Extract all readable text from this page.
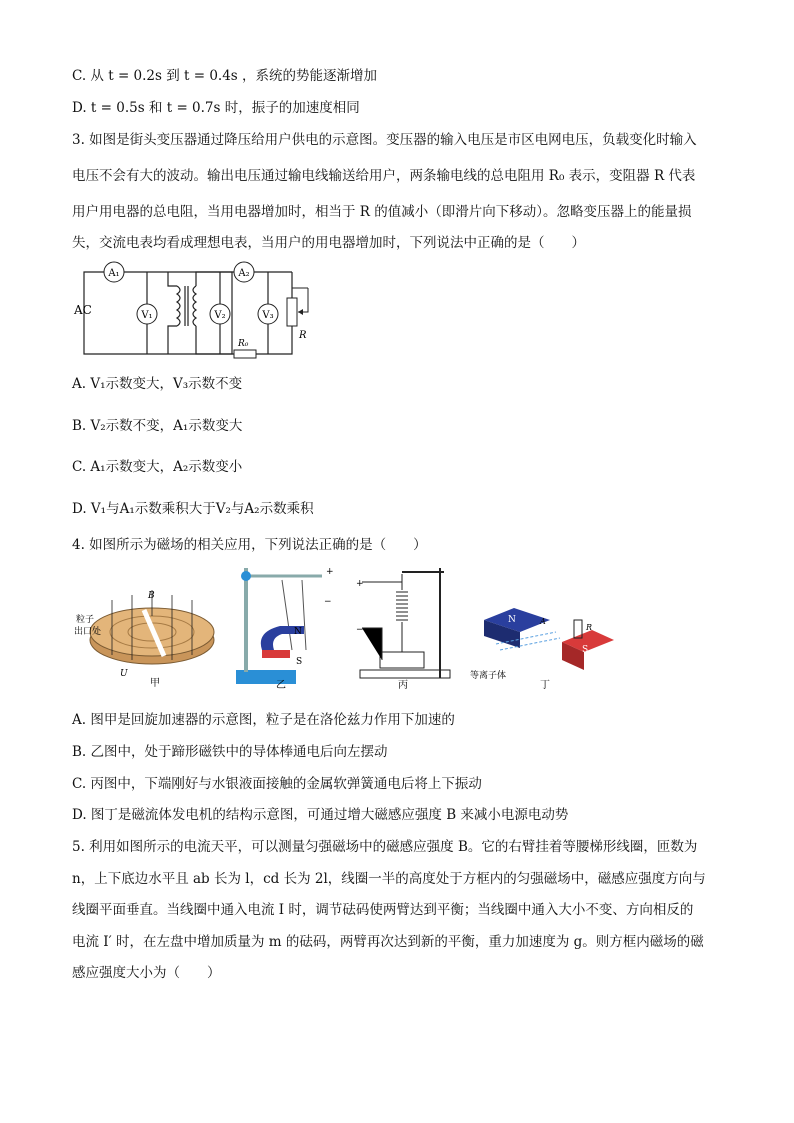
C. 从 t = 0.2s 到 t = 0.4s ，系统的势能逐渐增加
D. t = 0.5s 和 t = 0.7s 时，振子的加速度相同
3. 如图是街头变压器通过降压给用户供电的示意图。变压器的输入电压是市区电网电压，负载变化时输入
电压不会有大的波动。输出电压通过输电线输送给用户，两条输电线的总电阻用 R₀ 表示，变阻器 R 代表
用户用电器的总电阻，当用电器增加时，相当于 R 的值减小（即滑片向下移动）。忽略变压器上的能量损
失，交流电表均看成理想电表，当用户的用电器增加时，下列说法中正确的是（　　）
A₁
V₁
AC
A₂
V₂	V₃
R
R₀
A. V₁示数变大，V₃示数不变
B. V₂示数不变，A₁示数变大
C. A₁示数变大，A₂示数变小
D. V₁与A₁示数乘积大于V₂与A₂示数乘积
4. 如图所示为磁场的相关应用，下列说法正确的是（　　）
B
粒子
出口处
U
甲
N
S
+
−
乙
+
−
丙
N
S
A
R
等离子体
丁
A. 图甲是回旋加速器的示意图，粒子是在洛伦兹力作用下加速的
B. 乙图中，处于蹄形磁铁中的导体棒通电后向左摆动
C. 丙图中，下端刚好与水银液面接触的金属软弹簧通电后将上下振动
D. 图丁是磁流体发电机的结构示意图，可通过增大磁感应强度 B 来减小电源电动势
5. 利用如图所示的电流天平，可以测量匀强磁场中的磁感应强度 B。它的右臂挂着等腰梯形线圈，匝数为
n，上下底边水平且 ab 长为 l，cd 长为 2l，线圈一半的高度处于方框内的匀强磁场中，磁感应强度方向与
线圈平面垂直。当线圈中通入电流 I 时，调节砝码使两臂达到平衡；当线圈中通入大小不变、方向相反的
电流 I′ 时，在左盘中增加质量为 m 的砝码，两臂再次达到新的平衡，重力加速度为 g。则方框内磁场的磁
感应强度大小为（　　）
